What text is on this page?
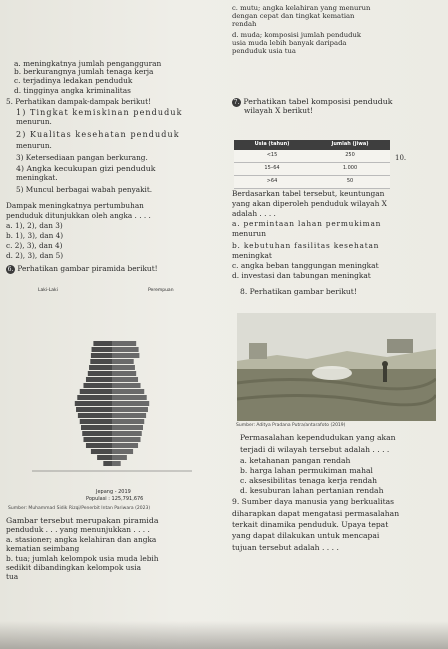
a. meningkatnya jumlah pengangguran

b. berkurangnya jumlah tenaga kerja

c. terjadinya ledakan penduduk

d. tingginya angka kriminalitas

5. Perhatikan dampak-dampak berikut!

1) Tingkat kemiskinan penduduk

menurun.

2) Kualitas kesehatan penduduk

menurun.

3) Ketersediaan pangan berkurang.

4) Angka kecukupan gizi penduduk

meningkat.

5) Muncul berbagai wabah penyakit.

Dampak meningkatnya pertumbuhan

penduduk ditunjukkan oleh angka . . . .

a. 1), 2), dan 3)

b. 1), 3), dan 4)

c. 2), 3), dan 4)

d. 2), 3), dan 5)

6. Perhatikan gambar piramida berikut!
Laki-Laki	Perempuan
Jepang - 2019
Populasi : 125,791,676
Sumber: Muhammad Sidik Rizqi/Penerbit Intan Pariwara (2023)

Gambar tersebut merupakan piramida

penduduk . . . yang menunjukkan . . . .

a. stasioner; angka kelahiran dan angka

kematian seimbang

b. tua; jumlah kelompok usia muda lebih

sedikit dibandingkan kelompok usia

tua

c. mutu; angka kelahiran yang menurun

dengan cepat dan tingkat kematian

rendah

d. muda; komposisi jumlah penduduk

usia muda lebih banyak daripada

penduduk usia tua

7. Perhatikan tabel komposisi penduduk

wilayah X berikut!

Usia (tahun)	Jumlah (jiwa)
<15	250
15–64	1.000
>64	50
10.

Berdasarkan tabel tersebut, keuntungan

yang akan diperoleh penduduk wilayah X

adalah . . . .

a. permintaan lahan permukiman

menurun

b. kebutuhan fasilitas kesehatan

meningkat

c. angka beban tanggungan meningkat

d. investasi dan tabungan meningkat

8. Perhatikan gambar berikut!
Sumber: Aditya Pradana Putra/antarafoto (2019)

Permasalahan kependudukan yang akan

terjadi di wilayah tersebut adalah . . . .

a. ketahanan pangan rendah

b. harga lahan permukiman mahal

c. aksesibilitas tenaga kerja rendah

d. kesuburan lahan pertanian rendah

9. Sumber daya manusia yang berkualitas

diharapkan dapat mengatasi permasalahan

terkait dinamika penduduk. Upaya tepat

yang dapat dilakukan untuk mencapai

tujuan tersebut adalah . . . .
